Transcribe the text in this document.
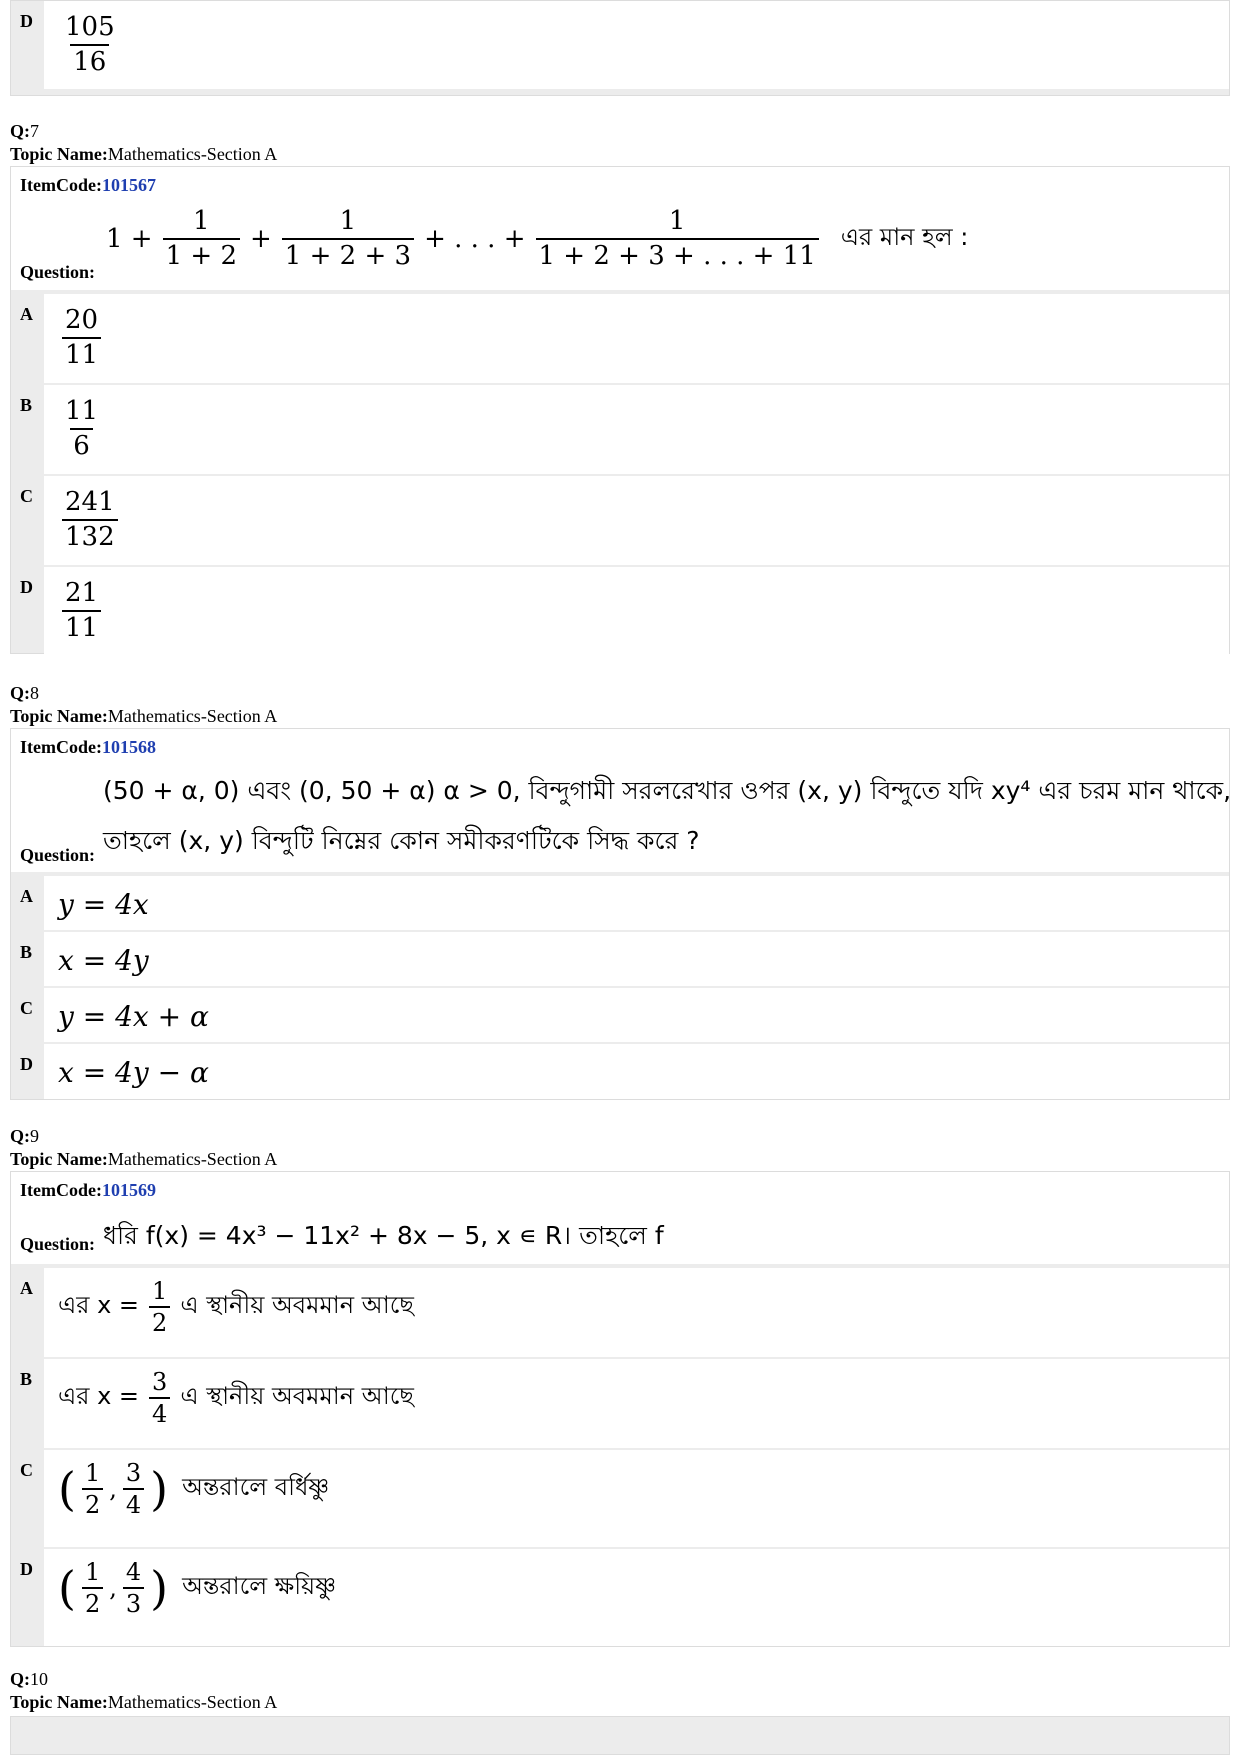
D $\frac{105}{16}$
Q:7
Topic Name:Mathematics-Section A
ItemCode:101567
$1 + \frac{1}{1 + 2} + \frac{1}{1 + 2 + 3}$ + . . . + $\frac{1}{1 + 2 + 3 + . . . + 11}$ এর মান হল :
Question:
A $\frac{20}{11}$
B	$\frac{11}{6}$
C $\frac{241}{132}$
D $\frac{21}{11}$
Q:8
Topic Name:Mathematics-Section A
ItemCode:101568
(50 + α, 0) এবং (0, 50 + α) α > 0, বিন্দুগামী সরলরেখার ওপর (x, y) বিন্দুতে যদি xy⁴ এর চরম মান থাকে,
তাহলে (x, y) বিন্দুটি নিম্নের কোন সমীকরণটিকে সিদ্ধ করে ?
Question:
A y = 4x
B x = 4y
C y = 4x + α
D x = 4y − α
Q:9
Topic Name:Mathematics-Section A
ItemCode:101569
ধরি f(x) = 4x³ − 11x² + 8x − 5, x ∊ R। তাহলে f
Question:
A
এর $x = \frac{1}{2}$ এ স্থানীয় অবমমান আছে
B
এর $x = \frac{3}{4}$ এ স্থানীয় অবমমান আছে
C ( $\frac{1}{2}$ , $\frac{3}{4}$ ) অন্তরালে বর্ধিষ্ণু
D ( $\frac{1}{2}$ , $\frac{4}{3}$ ) অন্তরালে ক্ষয়িষ্ণু
Q:10
Topic Name:Mathematics-Section A
